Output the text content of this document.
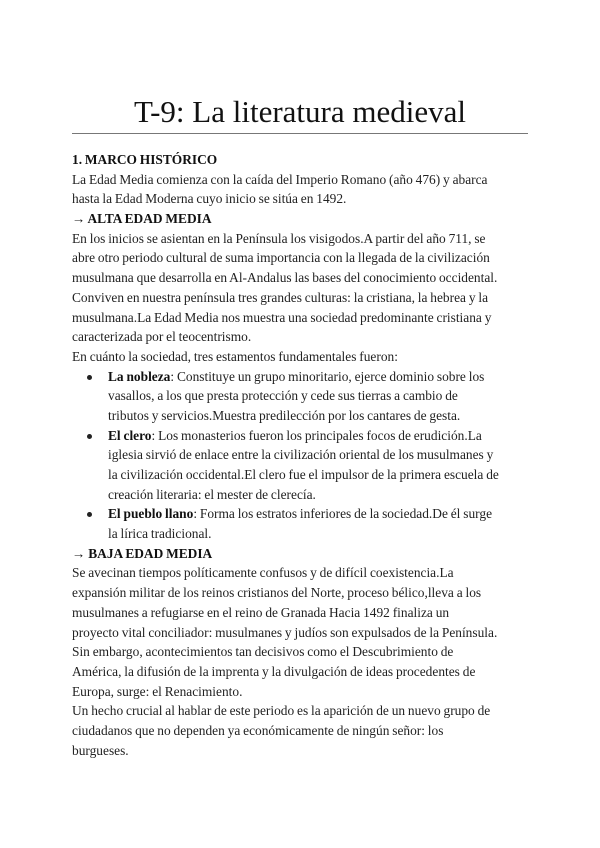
T-9: La literatura medieval
1. MARCO HISTÓRICO
La Edad Media comienza con la caída del Imperio Romano (año 476) y abarca
hasta la Edad Moderna cuyo inicio se sitúa en 1492.
→ ALTA EDAD MEDIA
En los inicios se asientan en la Península los visigodos.A partir del año 711, se
abre otro periodo cultural de suma importancia con la llegada de la civilización
musulmana que desarrolla en Al-Andalus las bases del conocimiento occidental.
Conviven en nuestra península tres grandes culturas: la cristiana, la hebrea y la
musulmana.La Edad Media nos muestra una sociedad predominante cristiana y
caracterizada por el teocentrismo.
En cuánto la sociedad, tres estamentos fundamentales fueron:
La nobleza: Constituye un grupo minoritario, ejerce dominio sobre los
vasallos, a los que presta protección y cede sus tierras a cambio de
tributos y servicios.Muestra predilección por los cantares de gesta.
El clero: Los monasterios fueron los principales focos de erudición.La
iglesia sirvió de enlace entre la civilización oriental de los musulmanes y
la civilización occidental.El clero fue el impulsor de la primera escuela de
creación literaria: el mester de clerecía.
El pueblo llano: Forma los estratos inferiores de la sociedad.De él surge
la lírica tradicional.
→ BAJA EDAD MEDIA
Se avecinan tiempos políticamente confusos y de difícil coexistencia.La
expansión militar de los reinos cristianos del Norte, proceso bélico,lleva a los
musulmanes a refugiarse en el reino de Granada Hacia 1492 finaliza un
proyecto vital conciliador: musulmanes y judíos son expulsados de la Península.
Sin embargo, acontecimientos tan decisivos como el Descubrimiento de
América, la difusión de la imprenta y la divulgación de ideas procedentes de
Europa, surge: el Renacimiento.
Un hecho crucial al hablar de este periodo es la aparición de un nuevo grupo de
ciudadanos que no dependen ya económicamente de ningún señor: los
burgueses.
